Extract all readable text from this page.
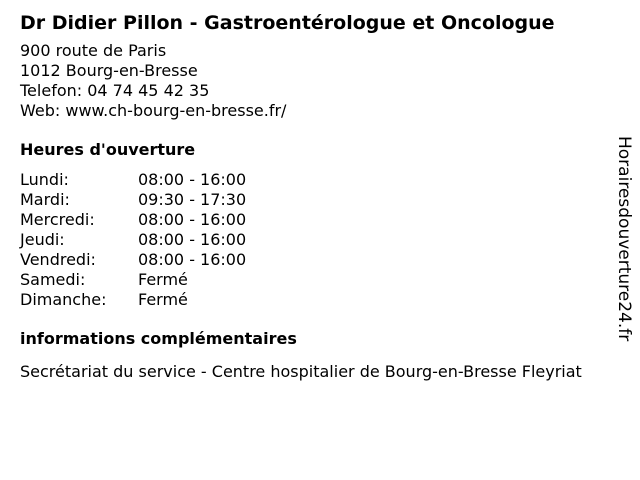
Dr Didier Pillon - Gastroentérologue et Oncologue
900 route de Paris
1012 Bourg-en-Bresse
Telefon: 04 74 45 42 35
Web: www.ch-bourg-en-bresse.fr/
Heures d'ouverture
Lundi:	08:00 - 16:00
Mardi:	09:30 - 17:30
Mercredi:	08:00 - 16:00
Jeudi:	08:00 - 16:00
Vendredi:	08:00 - 16:00
Samedi:	Fermé
Dimanche:	Fermé
informations complémentaires
Secrétariat du service - Centre hospitalier de Bourg-en-Bresse Fleyriat
Horairesdouverture24.fr
